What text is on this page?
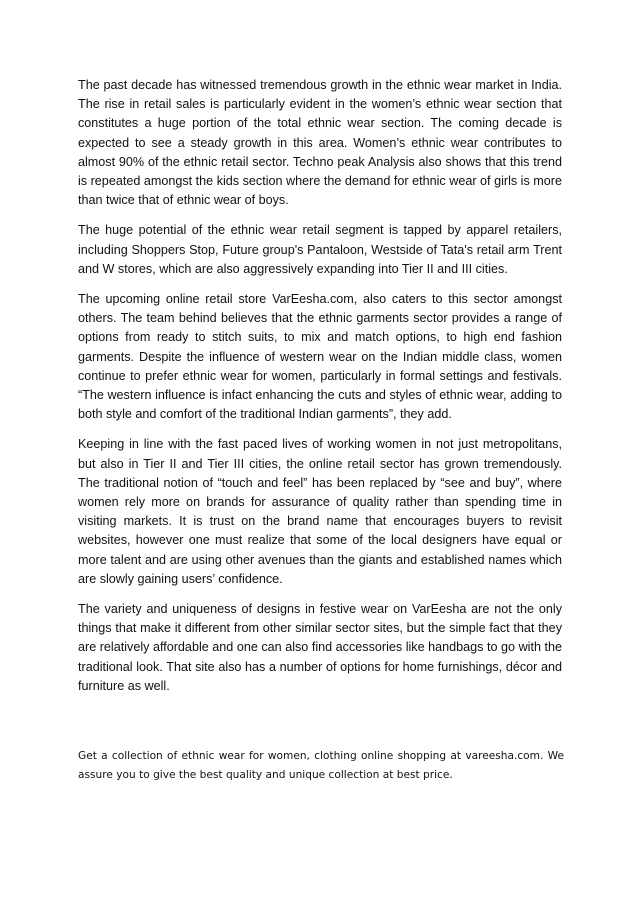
The past decade has witnessed tremendous growth in the ethnic wear market in India. The rise in retail sales is particularly evident in the women’s ethnic wear section that constitutes a huge portion of the total ethnic wear section. The coming decade is expected to see a steady growth in this area. Women’s ethnic wear contributes to almost 90% of the ethnic retail sector. Techno peak Analysis also shows that this trend is repeated amongst the kids section where the demand for ethnic wear of girls is more than twice that of ethnic wear of boys.

The huge potential of the ethnic wear retail segment is tapped by apparel retailers, including Shoppers Stop, Future group's Pantaloon, Westside of Tata's retail arm Trent and W stores, which are also aggressively expanding into Tier II and III cities.

The upcoming online retail store VarEesha.com, also caters to this sector amongst others. The team behind believes that the ethnic garments sector provides a range of options from ready to stitch suits, to mix and match options, to high end fashion garments. Despite the influence of western wear on the Indian middle class, women continue to prefer ethnic wear for women, particularly in formal settings and festivals. “The western influence is infact enhancing the cuts and styles of ethnic wear, adding to both style and comfort of the traditional Indian garments”, they add.

Keeping in line with the fast paced lives of working women in not just metropolitans, but also in Tier II and Tier III cities, the online retail sector has grown tremendously. The traditional notion of “touch and feel” has been replaced by “see and buy”, where women rely more on brands for assurance of quality rather than spending time in visiting markets. It is trust on the brand name that encourages buyers to revisit websites, however one must realize that some of the local designers have equal or more talent and are using other avenues than the giants and established names which are slowly gaining users’ confidence.

The variety and uniqueness of designs in festive wear on VarEesha are not the only things that make it different from other similar sector sites, but the simple fact that they are relatively affordable and one can also find accessories like handbags to go with the traditional look. That site also has a number of options for home furnishings, décor and furniture as well.

Get a collection of ethnic wear for women, clothing online shopping at vareesha.com. We assure you to give the best quality and unique collection at best price.
